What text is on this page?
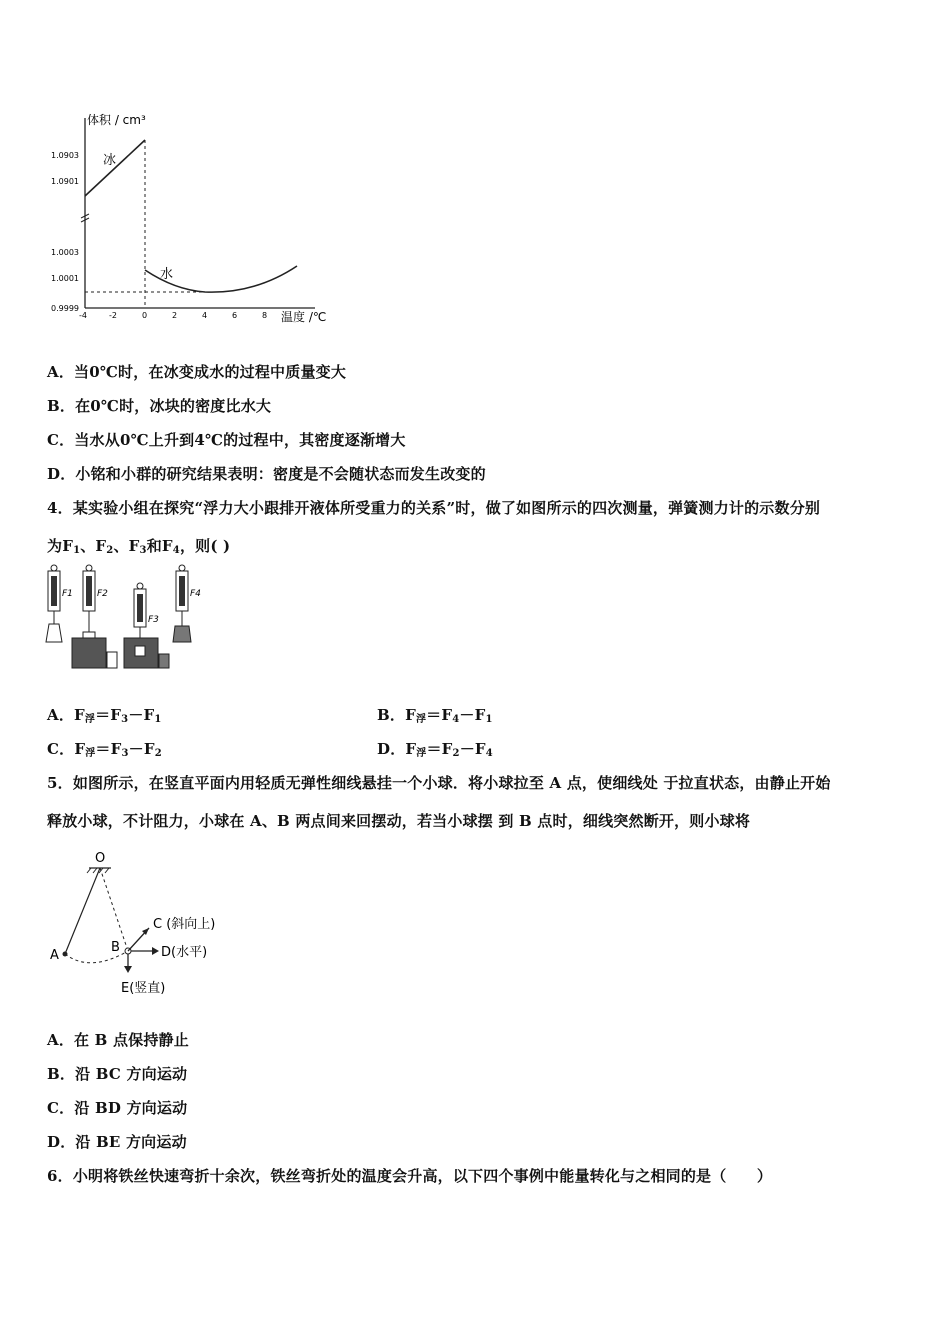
体积 / cm³
温度 /℃
1.0903
1.0901
1.0003
1.0001
0.9999
-4	-2	0	2	4	6	8
冰
水
A．当0℃时，在冰变成水的过程中质量变大
B．在0℃时，冰块的密度比水大
C．当水从0℃上升到4℃的过程中，其密度逐渐增大
D．小铭和小群的研究结果表明：密度是不会随状态而发生改变的
4．某实验小组在探究“浮力大小跟排开液体所受重力的关系”时，做了如图所示的四次测量，弹簧测力计的示数分别
为$F_1$、$F_2$、$F_3$和$F_4$，则( )
F1	F2
F3
F4
A．$F_浮=F_3-F_1$	B．$F_浮=F_4-F_1$
C．$F_浮=F_3-F_2$	D．$F_浮=F_2-F_4$
5．如图所示，在竖直平面内用轻质无弹性细线悬挂一个小球．将小球拉至 A 点，使细线处 于拉直状态，由静止开始
释放小球，不计阻力，小球在 A、B 两点间来回摆动，若当小球摆 到 B 点时，细线突然断开，则小球将
O
A
B
C (斜向上)
D(水平)
E(竖直)
A．在 B 点保持静止
B．沿 BC 方向运动
C．沿 BD 方向运动
D．沿 BE 方向运动
6．小明将铁丝快速弯折十余次，铁丝弯折处的温度会升高，以下四个事例中能量转化与之相同的是（　　）
